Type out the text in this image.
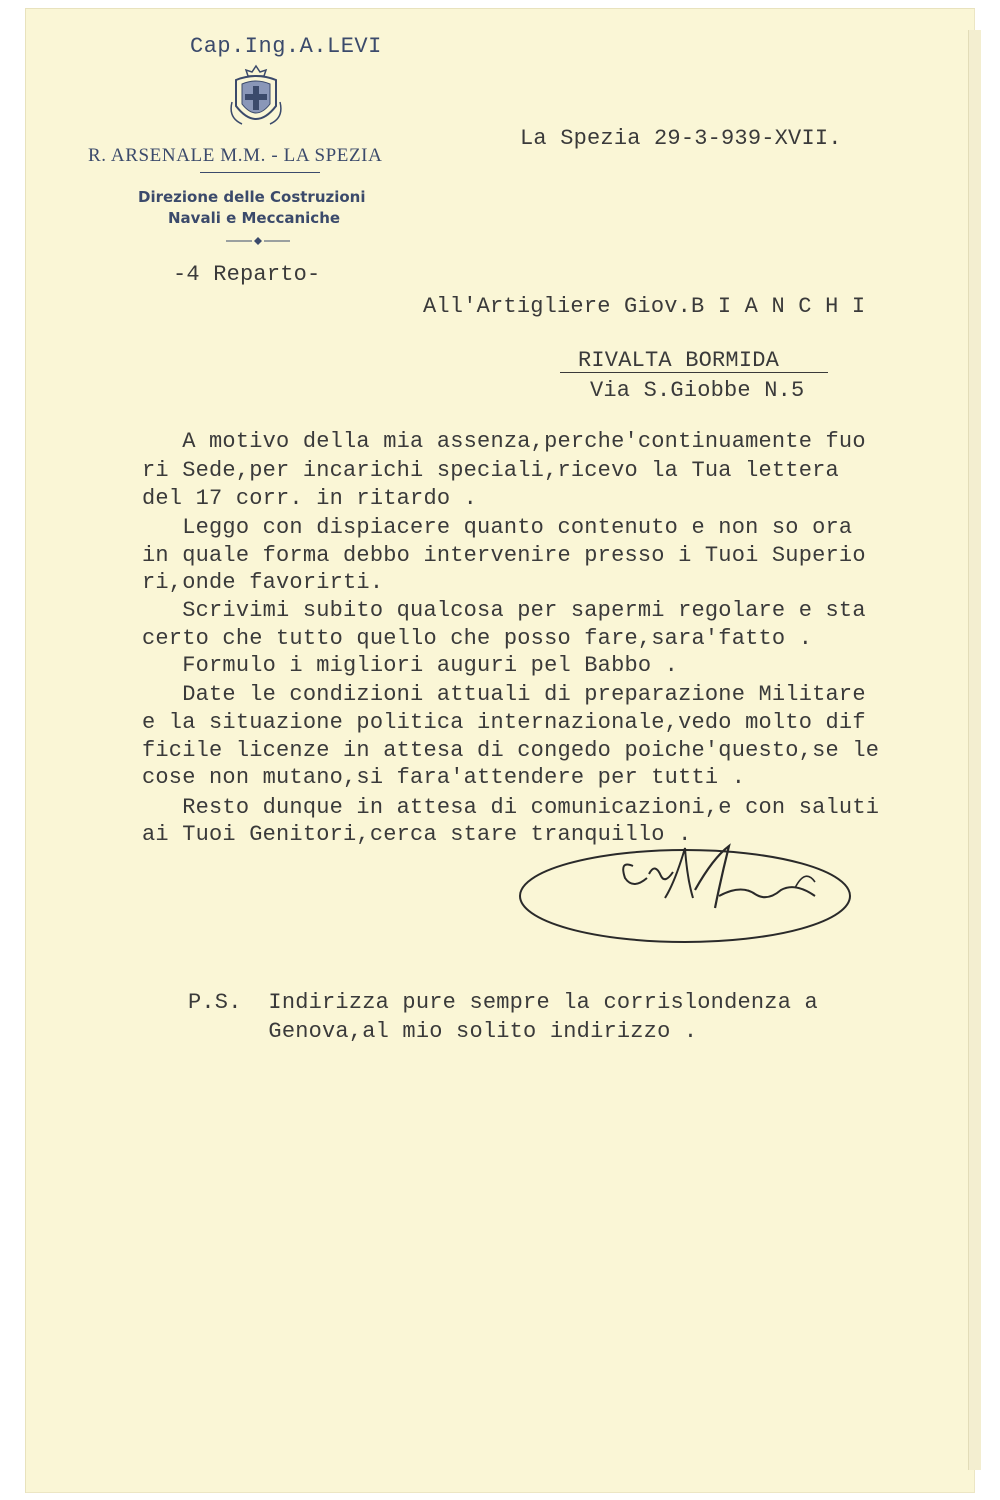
Cap.Ing.A.LEVI
R. ARSENALE M.M. - LA SPEZIA
Direzione delle Costruzioni
Navali e Meccaniche
-4 Reparto-
La Spezia 29-3-939-XVII.
All'Artigliere Giov.B I A N C H I
RIVALTA BORMIDA
Via S.Giobbe N.5
A motivo della mia assenza,perche'continuamente fuo
ri Sede,per incarichi speciali,ricevo la Tua lettera
del 17 corr. in ritardo .
Leggo con dispiacere quanto contenuto e non so ora
in quale forma debbo intervenire presso i Tuoi Superio
ri,onde favorirti.
Scrivimi subito qualcosa per sapermi regolare e sta
certo che tutto quello che posso fare,sara'fatto .
Formulo i migliori auguri pel Babbo .
Date le condizioni attuali di preparazione Militare
e la situazione politica internazionale,vedo molto dif
ficile licenze in attesa di congedo poiche'questo,se le
cose non mutano,si fara'attendere per tutti .
Resto dunque in attesa di comunicazioni,e con saluti
ai Tuoi Genitori,cerca stare tranquillo .
P.S.  Indirizza pure sempre la corrislondenza a
Genova,al mio solito indirizzo .
